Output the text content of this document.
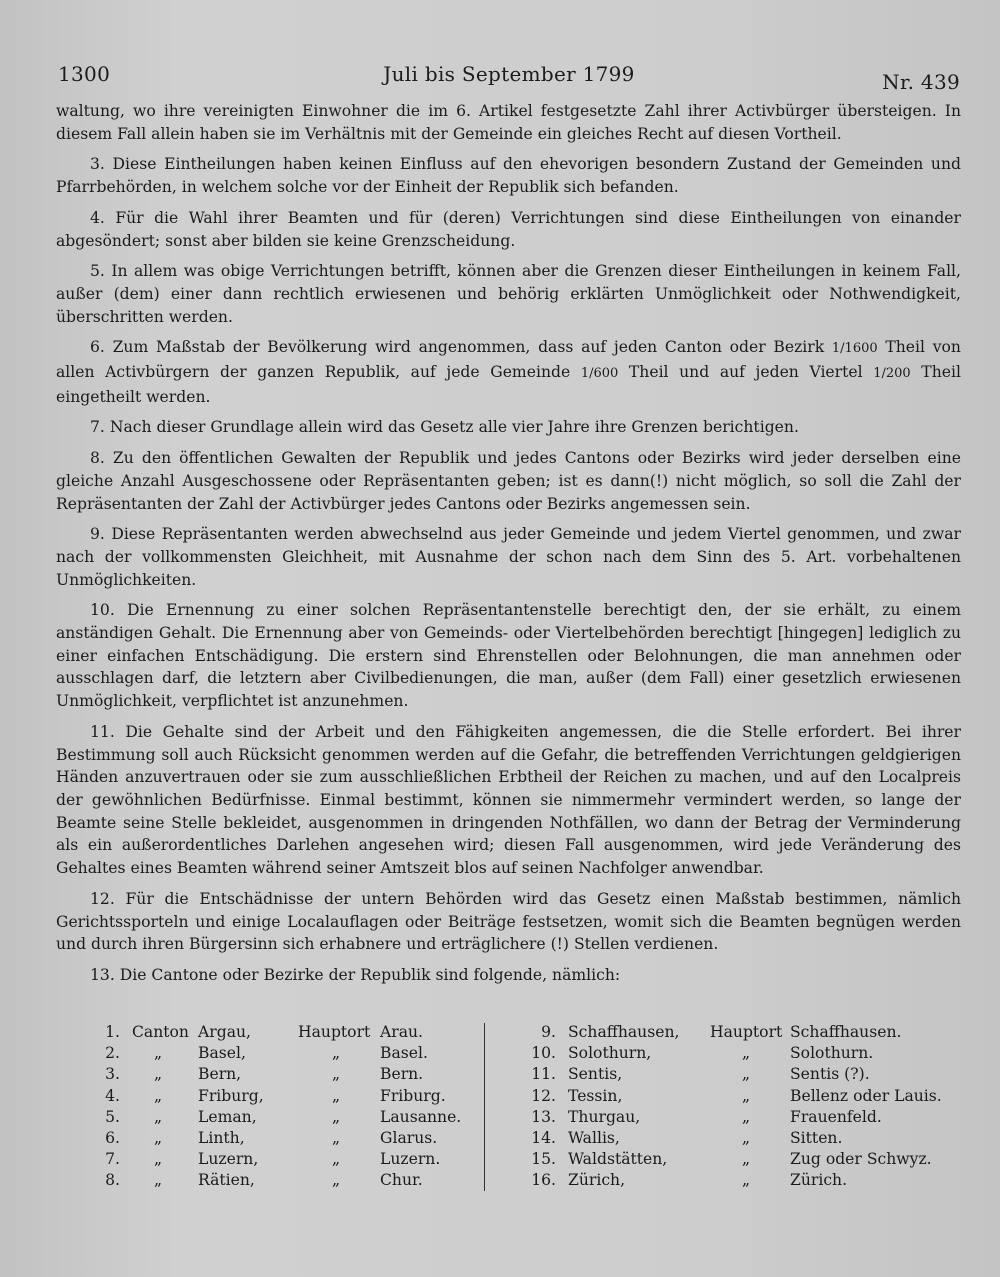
1300	Juli bis September 1799	Nr. 439

waltung, wo ihre vereinigten Einwohner die im 6. Artikel festgesetzte Zahl ihrer Activbürger übersteigen. In diesem Fall allein haben sie im Verhältnis mit der Gemeinde ein gleiches Recht auf diesen Vortheil.

3. Diese Eintheilungen haben keinen Einfluss auf den ehevorigen besondern Zustand der Gemeinden und Pfarrbehörden, in welchem solche vor der Einheit der Republik sich befanden.

4. Für die Wahl ihrer Beamten und für (deren) Verrichtungen sind diese Eintheilungen von einander abgesöndert; sonst aber bilden sie keine Grenzscheidung.

5. In allem was obige Verrichtungen betrifft, können aber die Grenzen dieser Eintheilungen in keinem Fall, außer (dem) einer dann rechtlich erwiesenen und behörig erklärten Unmöglichkeit oder Nothwendigkeit, überschritten werden.

6. Zum Maßstab der Bevölkerung wird angenommen, dass auf jeden Canton oder Bezirk 1/1600 Theil von allen Activbürgern der ganzen Republik, auf jede Gemeinde 1/600 Theil und auf jeden Viertel 1/200 Theil eingetheilt werden.

7. Nach dieser Grundlage allein wird das Gesetz alle vier Jahre ihre Grenzen berichtigen.

8. Zu den öffentlichen Gewalten der Republik und jedes Cantons oder Bezirks wird jeder derselben eine gleiche Anzahl Ausgeschossene oder Repräsentanten geben; ist es dann(!) nicht möglich, so soll die Zahl der Repräsentanten der Zahl der Activbürger jedes Cantons oder Bezirks angemessen sein.

9. Diese Repräsentanten werden abwechselnd aus jeder Gemeinde und jedem Viertel genommen, und zwar nach der vollkommensten Gleichheit, mit Ausnahme der schon nach dem Sinn des 5. Art. vorbehaltenen Unmöglichkeiten.

10. Die Ernennung zu einer solchen Repräsentantenstelle berechtigt den, der sie erhält, zu einem anständigen Gehalt. Die Ernennung aber von Gemeinds- oder Viertelbehörden berechtigt [hingegen] lediglich zu einer einfachen Entschädigung. Die erstern sind Ehrenstellen oder Belohnungen, die man annehmen oder ausschlagen darf, die letztern aber Civilbedienungen, die man, außer (dem Fall) einer gesetzlich erwiesenen Unmöglichkeit, verpflichtet ist anzunehmen.

11. Die Gehalte sind der Arbeit und den Fähigkeiten angemessen, die die Stelle erfordert. Bei ihrer Bestimmung soll auch Rücksicht genommen werden auf die Gefahr, die betreffenden Verrichtungen geldgierigen Händen anzuvertrauen oder sie zum ausschließlichen Erbtheil der Reichen zu machen, und auf den Localpreis der gewöhnlichen Bedürfnisse. Einmal bestimmt, können sie nimmermehr vermindert werden, so lange der Beamte seine Stelle bekleidet, ausgenommen in dringenden Nothfällen, wo dann der Betrag der Verminderung als ein außerordentliches Darlehen angesehen wird; diesen Fall ausgenommen, wird jede Veränderung des Gehaltes eines Beamten während seiner Amtszeit blos auf seinen Nachfolger anwendbar.

12. Für die Entschädnisse der untern Behörden wird das Gesetz einen Maßstab bestimmen, nämlich Gerichtssporteln und einige Localauflagen oder Beiträge festsetzen, womit sich die Beamten begnügen werden und durch ihren Bürgersinn sich erhabnere und erträglichere (!) Stellen verdienen.

13. Die Cantone oder Bezirke der Republik sind folgende, nämlich:

1. Canton Argau,	Hauptort Arau.
2. „ Basel,	„	Basel.
3. „ Bern,	„	Bern.
4. „ Friburg,	„	Friburg.
5. „ Leman,	„	Lausanne.
6. „ Linth,	„	Glarus.
7. „ Luzern,	„	Luzern.
8. „ Rätien,	„	Chur.
9. Schaffhausen, Hauptort Schaffhausen.
10. Solothurn,	„	Solothurn.
11. Sentis,	„	Sentis (?).
12. Tessin,	„	Bellenz oder Lauis.
13. Thurgau,	„	Frauenfeld.
14. Wallis,	„	Sitten.
15. Waldstätten,	„	Zug oder Schwyz.
16. Zürich,	„	Zürich.
